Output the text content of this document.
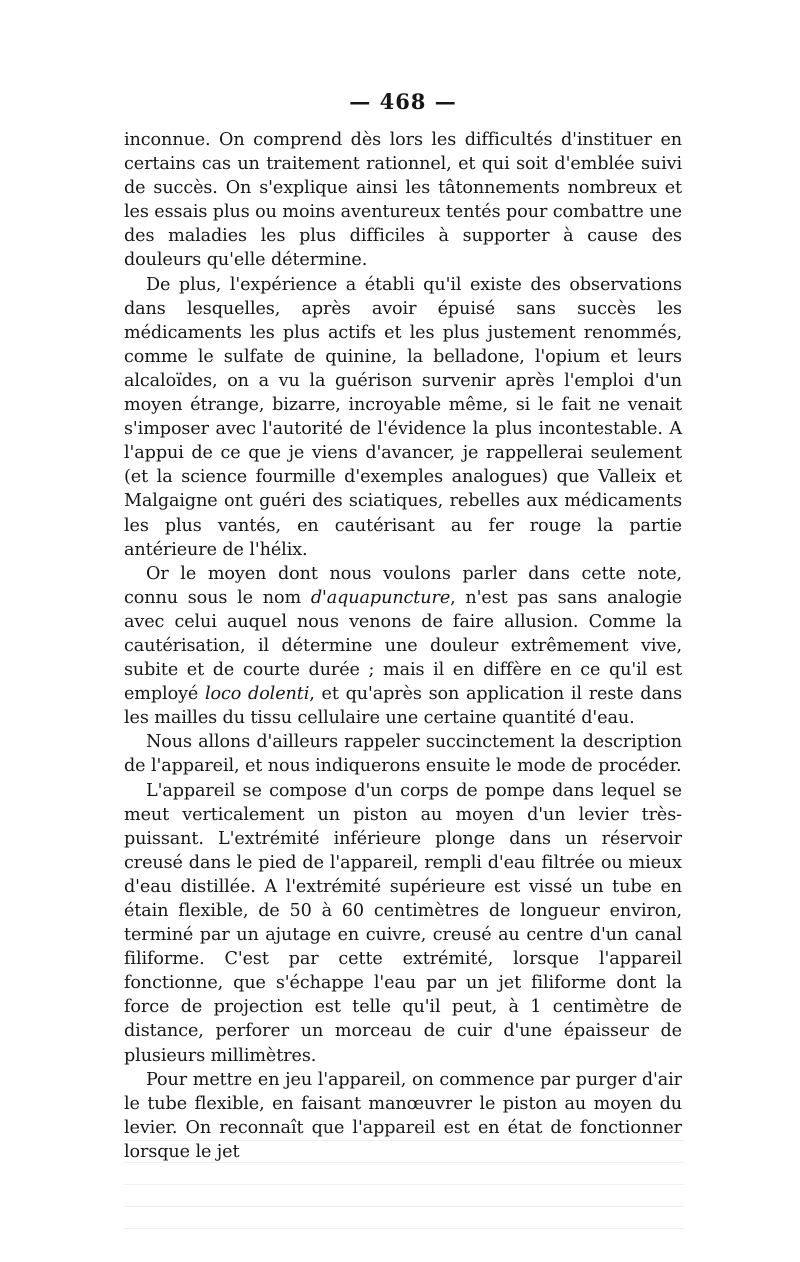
— 468 —

inconnue. On comprend dès lors les difficultés d'instituer en certains cas un traitement rationnel, et qui soit d'emblée suivi de succès. On s'explique ainsi les tâtonnements nombreux et les essais plus ou moins aventureux tentés pour combattre une des maladies les plus difficiles à supporter à cause des douleurs qu'elle détermine.

De plus, l'expérience a établi qu'il existe des observations dans lesquelles, après avoir épuisé sans succès les médicaments les plus actifs et les plus justement renommés, comme le sulfate de quinine, la belladone, l'opium et leurs alcaloïdes, on a vu la guérison survenir après l'emploi d'un moyen étrange, bizarre, incroyable même, si le fait ne venait s'imposer avec l'autorité de l'évidence la plus incontestable. A l'appui de ce que je viens d'avancer, je rappellerai seulement (et la science fourmille d'exemples analogues) que Valleix et Malgaigne ont guéri des sciatiques, rebelles aux médicaments les plus vantés, en cautérisant au fer rouge la partie antérieure de l'hélix.

Or le moyen dont nous voulons parler dans cette note, connu sous le nom d'aquapuncture, n'est pas sans analogie avec celui auquel nous venons de faire allusion. Comme la cautérisation, il détermine une douleur extrêmement vive, subite et de courte durée ; mais il en diffère en ce qu'il est employé loco dolenti, et qu'après son application il reste dans les mailles du tissu cellulaire une certaine quantité d'eau.

Nous allons d'ailleurs rappeler succinctement la description de l'appareil, et nous indiquerons ensuite le mode de procéder.

L'appareil se compose d'un corps de pompe dans lequel se meut verticalement un piston au moyen d'un levier très-puissant. L'extrémité inférieure plonge dans un réservoir creusé dans le pied de l'appareil, rempli d'eau filtrée ou mieux d'eau distillée. A l'extrémité supérieure est vissé un tube en étain flexible, de 50 à 60 centimètres de longueur environ, terminé par un ajutage en cuivre, creusé au centre d'un canal filiforme. C'est par cette extrémité, lorsque l'appareil fonctionne, que s'échappe l'eau par un jet filiforme dont la force de projection est telle qu'il peut, à 1 centimètre de distance, perforer un morceau de cuir d'une épaisseur de plusieurs millimètres.

Pour mettre en jeu l'appareil, on commence par purger d'air le tube flexible, en faisant manœuvrer le piston au moyen du levier. On reconnaît que l'appareil est en état de fonctionner lorsque le jet
